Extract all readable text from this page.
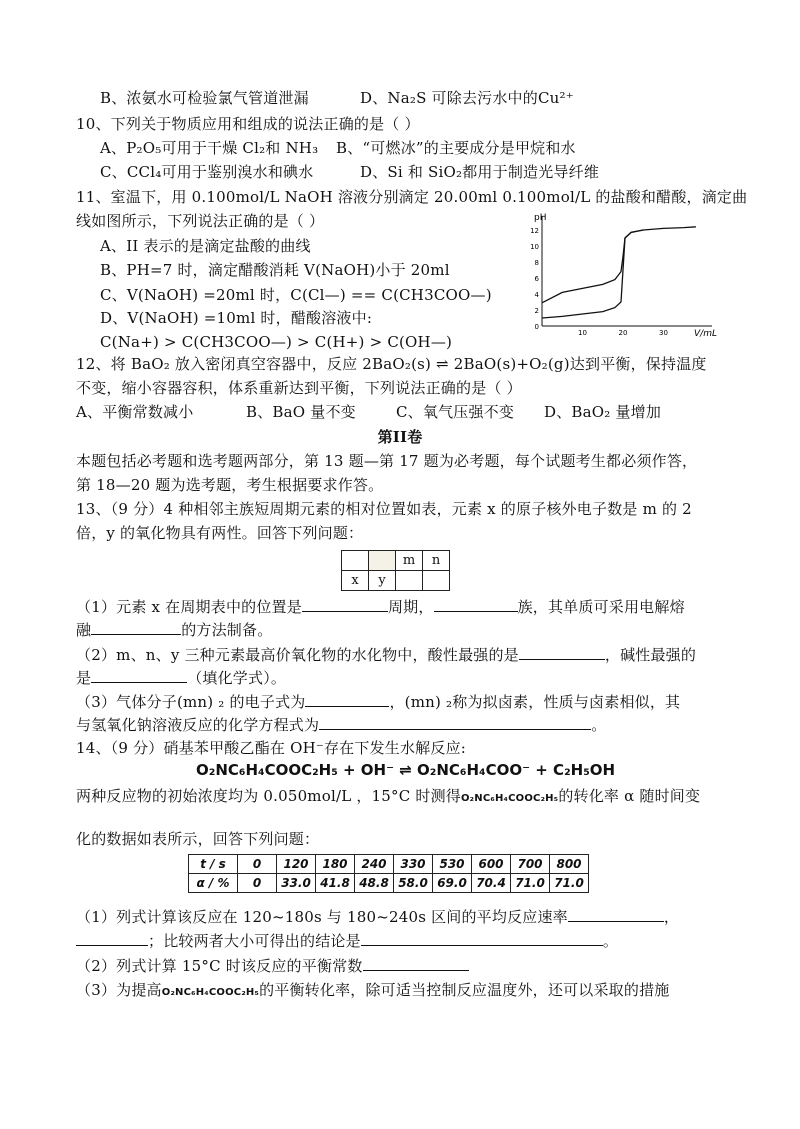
B、浓氨水可检验氯气管道泄漏	D、Na₂S 可除去污水中的Cu²⁺
10、下列关于物质应用和组成的说法正确的是（ ）
A、P₂O₅可用于干燥 Cl₂和 NH₃ B、“可燃冰”的主要成分是甲烷和水
C、CCl₄可用于鉴别溴水和碘水	D、Si 和 SiO₂都用于制造光导纤维
11、室温下，用 0.100mol/L NaOH 溶液分别滴定 20.00ml 0.100mol/L 的盐酸和醋酸，滴定曲
线如图所示，下列说法正确的是（ ）
A、II 表示的是滴定盐酸的曲线
B、PH=7 时，滴定醋酸消耗 V(NaOH)小于 20ml
C、V(NaOH) =20ml 时，C(Cl—) == C(CH3COO—)
D、V(NaOH) =10ml 时，醋酸溶液中:
C(Na+) > C(CH3COO—) > C(H+) > C(OH—)
12
10
8
6
4
2
0
10	20	30
pH
V/mL
12、将 BaO₂ 放入密闭真空容器中，反应 2BaO₂(s) ⇌ 2BaO(s)+O₂(g)达到平衡，保持温度
不变，缩小容器容积，体系重新达到平衡，下列说法正确的是（ ）
A、平衡常数减小	B、BaO 量不变	C、氧气压强不变 D、BaO₂ 量增加
第II卷
本题包括必考题和选考题两部分，第 13 题—第 17 题为必考题，每个试题考生都必须作答，
第 18—20 题为选考题，考生根据要求作答。
13、（9 分）4 种相邻主族短周期元素的相对位置如表，元素 x 的原子核外电子数是 m 的 2
倍，y 的氧化物具有两性。回答下列问题：
		m	n
x	y		
（1）元素 x 在周期表中的位置是	周期，	族，其单质可采用电解熔
融	的方法制备。
（2）m、n、y 三种元素最高价氧化物的水化物中，酸性最强的是	，碱性最强的
是	（填化学式）。
（3）气体分子(mn) ₂ 的电子式为	，(mn) ₂称为拟卤素，性质与卤素相似，其
与氢氧化钠溶液反应的化学方程式为	。
14、（9 分）硝基苯甲酸乙酯在 OH⁻存在下发生水解反应:
O₂NC₆H₄COOC₂H₅ + OH⁻ ⇌ O₂NC₆H₄COO⁻ + C₂H₅OH
两种反应物的初始浓度均为 0.050mol/L ，15°C 时测得O₂NC₆H₄COOC₂H₅的转化率 α 随时间变
化的数据如表所示，回答下列问题：
t / s	0	120	180	240	330	530	600	700	800
α / %	0	33.0	41.8	48.8	58.0	69.0	70.4	71.0	71.0
（1）列式计算该反应在 120~180s 与 180~240s 区间的平均反应速率	，
；比较两者大小可得出的结论是	。
（2）列式计算 15°C 时该反应的平衡常数
（3）为提高O₂NC₆H₄COOC₂H₅的平衡转化率，除可适当控制反应温度外，还可以采取的措施
